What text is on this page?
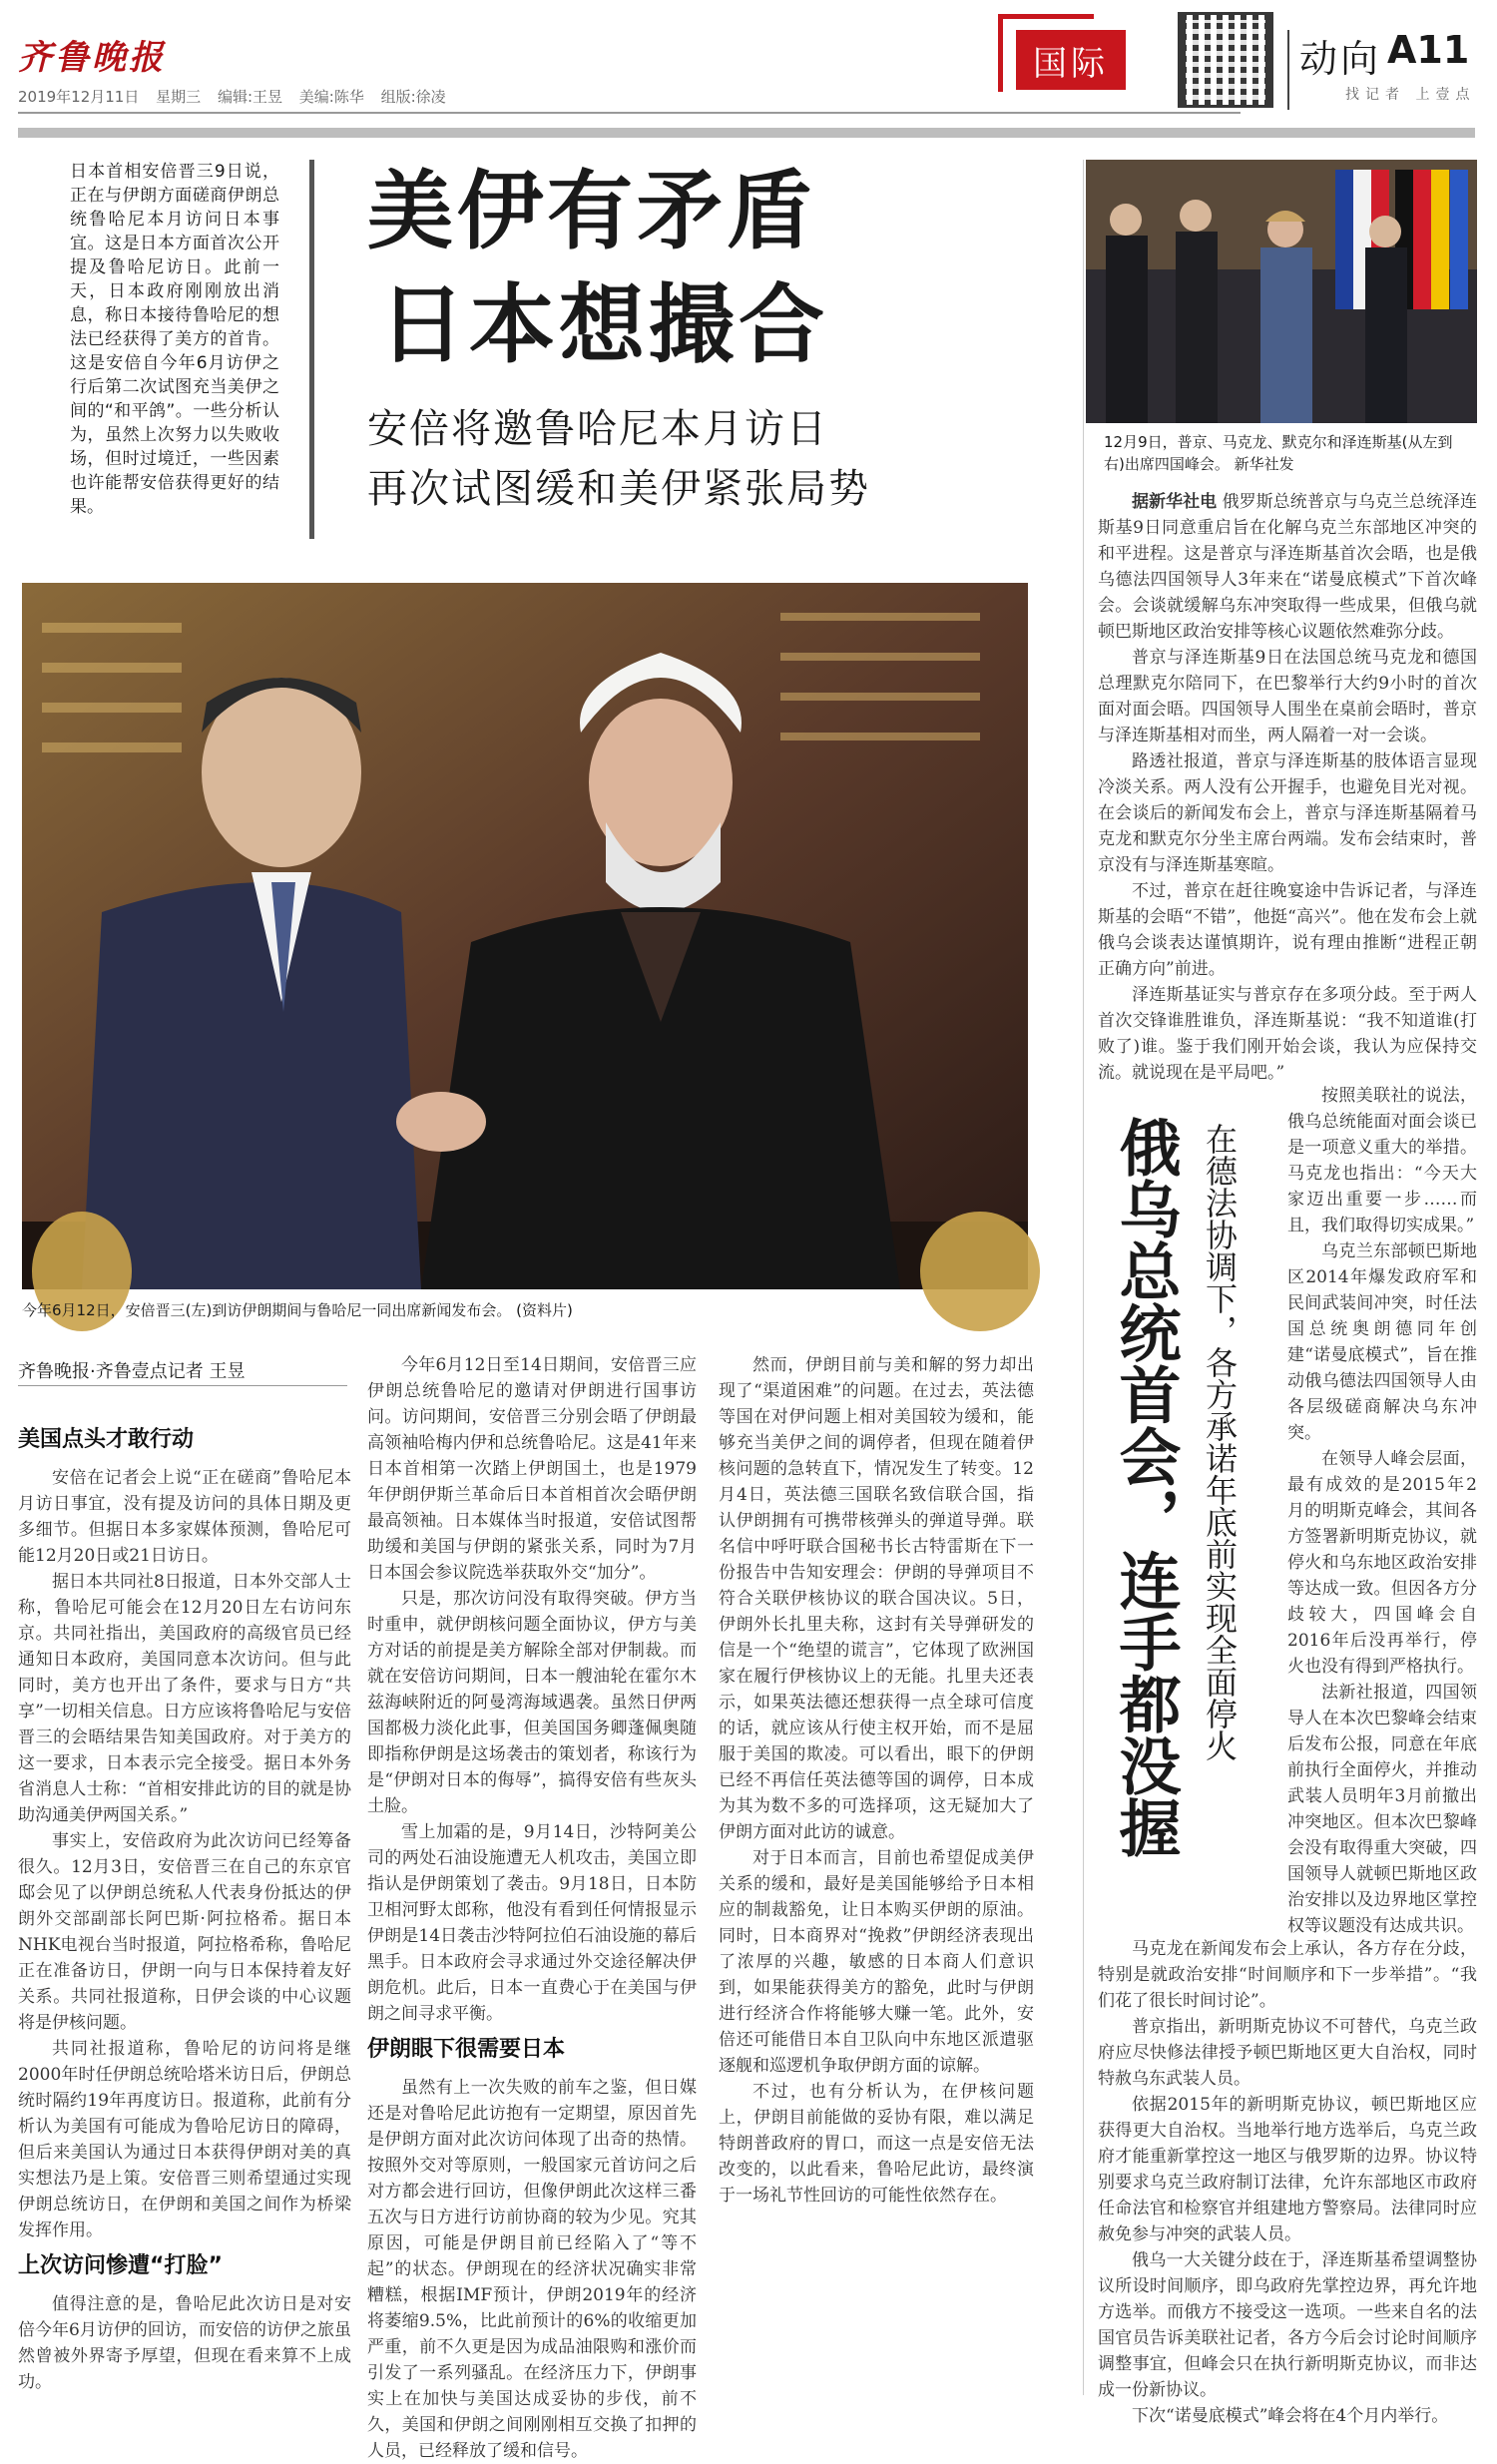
齐鲁晚报
2019年12月11日 星期三 编辑:王昱 美编:陈华 组版:徐凌
国际	动向 A11
找记者 上壹点
日本首相安倍晋三9日说，正在与伊朗方面磋商伊朗总统鲁哈尼本月访问日本事宜。这是日本方面首次公开提及鲁哈尼访日。此前一天，日本政府刚刚放出消息，称日本接待鲁哈尼的想法已经获得了美方的首肯。这是安倍自今年6月访伊之行后第二次试图充当美伊之间的“和平鸽”。一些分析认为，虽然上次努力以失败收场，但时过境迁，一些因素也许能帮安倍获得更好的结果。
美伊有矛盾
日本想撮合
安倍将邀鲁哈尼本月访日
再次试图缓和美伊紧张局势
今年6月12日，安倍晋三(左)到访伊朗期间与鲁哈尼一同出席新闻发布会。 (资料片)
齐鲁晚报·齐鲁壹点记者 王昱

美国点头才敢行动

安倍在记者会上说“正在磋商”鲁哈尼本月访日事宜，没有提及访问的具体日期及更多细节。但据日本多家媒体预测，鲁哈尼可能12月20日或21日访日。

据日本共同社8日报道，日本外交部人士称，鲁哈尼可能会在12月20日左右访问东京。共同社指出，美国政府的高级官员已经通知日本政府，美国同意本次访问。但与此同时，美方也开出了条件，要求与日方“共享”一切相关信息。日方应该将鲁哈尼与安倍晋三的会晤结果告知美国政府。对于美方的这一要求，日本表示完全接受。据日本外务省消息人士称：“首相安排此访的目的就是协助沟通美伊两国关系。”

事实上，安倍政府为此次访问已经筹备很久。12月3日，安倍晋三在自己的东京官邸会见了以伊朗总统私人代表身份抵达的伊朗外交部副部长阿巴斯·阿拉格希。据日本NHK电视台当时报道，阿拉格希称，鲁哈尼正在准备访日，伊朗一向与日本保持着友好关系。共同社报道称，日伊会谈的中心议题将是伊核问题。

共同社报道称，鲁哈尼的访问将是继2000年时任伊朗总统哈塔米访日后，伊朗总统时隔约19年再度访日。报道称，此前有分析认为美国有可能成为鲁哈尼访日的障碍，但后来美国认为通过日本获得伊朗对美的真实想法乃是上策。安倍晋三则希望通过实现伊朗总统访日，在伊朗和美国之间作为桥梁发挥作用。

上次访问惨遭“打脸”

值得注意的是，鲁哈尼此次访日是对安倍今年6月访伊的回访，而安倍的访伊之旅虽然曾被外界寄予厚望，但现在看来算不上成功。

今年6月12日至14日期间，安倍晋三应伊朗总统鲁哈尼的邀请对伊朗进行国事访问。访问期间，安倍晋三分别会晤了伊朗最高领袖哈梅内伊和总统鲁哈尼。这是41年来日本首相第一次踏上伊朗国土，也是1979年伊朗伊斯兰革命后日本首相首次会晤伊朗最高领袖。日本媒体当时报道，安倍试图帮助缓和美国与伊朗的紧张关系，同时为7月日本国会参议院选举获取外交“加分”。

只是，那次访问没有取得突破。伊方当时重申，就伊朗核问题全面协议，伊方与美方对话的前提是美方解除全部对伊制裁。而就在安倍访问期间，日本一艘油轮在霍尔木兹海峡附近的阿曼湾海域遇袭。虽然日伊两国都极力淡化此事，但美国国务卿蓬佩奥随即指称伊朗是这场袭击的策划者，称该行为是“伊朗对日本的侮辱”，搞得安倍有些灰头土脸。

雪上加霜的是，9月14日，沙特阿美公司的两处石油设施遭无人机攻击，美国立即指认是伊朗策划了袭击。9月18日，日本防卫相河野太郎称，他没有看到任何情报显示伊朗是14日袭击沙特阿拉伯石油设施的幕后黑手。日本政府会寻求通过外交途径解决伊朗危机。此后，日本一直费心于在美国与伊朗之间寻求平衡。

伊朗眼下很需要日本

虽然有上一次失败的前车之鉴，但日媒还是对鲁哈尼此访抱有一定期望，原因首先是伊朗方面对此次访问体现了出奇的热情。按照外交对等原则，一般国家元首访问之后对方都会进行回访，但像伊朗此次这样三番五次与日方进行访前协商的较为少见。究其原因，可能是伊朗目前已经陷入了“等不起”的状态。伊朗现在的经济状况确实非常糟糕，根据IMF预计，伊朗2019年的经济将萎缩9.5%，比此前预计的6%的收缩更加严重，前不久更是因为成品油限购和涨价而引发了一系列骚乱。在经济压力下，伊朗事实上在加快与美国达成妥协的步伐，前不久，美国和伊朗之间刚刚相互交换了扣押的人员，已经释放了缓和信号。

然而，伊朗目前与美和解的努力却出现了“渠道困难”的问题。在过去，英法德等国在对伊问题上相对美国较为缓和，能够充当美伊之间的调停者，但现在随着伊核问题的急转直下，情况发生了转变。12月4日，英法德三国联名致信联合国，指认伊朗拥有可携带核弹头的弹道导弹。联名信中呼吁联合国秘书长古特雷斯在下一份报告中告知安理会：伊朗的导弹项目不符合关联伊核协议的联合国决议。5日，伊朗外长扎里夫称，这封有关导弹研发的信是一个“绝望的谎言”，它体现了欧洲国家在履行伊核协议上的无能。扎里夫还表示，如果英法德还想获得一点全球可信度的话，就应该从行使主权开始，而不是屈服于美国的欺凌。可以看出，眼下的伊朗已经不再信任英法德等国的调停，日本成为其为数不多的可选择项，这无疑加大了伊朗方面对此访的诚意。

对于日本而言，目前也希望促成美伊关系的缓和，最好是美国能够给予日本相应的制裁豁免，让日本购买伊朗的原油。同时，日本商界对“挽救”伊朗经济表现出了浓厚的兴趣，敏感的日本商人们意识到，如果能获得美方的豁免，此时与伊朗进行经济合作将能够大赚一笔。此外，安倍还可能借日本自卫队向中东地区派遣驱逐舰和巡逻机争取伊朗方面的谅解。

不过，也有分析认为，在伊核问题上，伊朗目前能做的妥协有限，难以满足特朗普政府的胃口，而这一点是安倍无法改变的，以此看来，鲁哈尼此访，最终演于一场礼节性回访的可能性依然存在。

12月9日，普京、马克龙、默克尔和泽连斯基(从左到右)出席四国峰会。 新华社发

据新华社电 俄罗斯总统普京与乌克兰总统泽连斯基9日同意重启旨在化解乌克兰东部地区冲突的和平进程。这是普京与泽连斯基首次会晤，也是俄乌德法四国领导人3年来在“诺曼底模式”下首次峰会。会谈就缓解乌东冲突取得一些成果，但俄乌就顿巴斯地区政治安排等核心议题依然难弥分歧。

普京与泽连斯基9日在法国总统马克龙和德国总理默克尔陪同下，在巴黎举行大约9小时的首次面对面会晤。四国领导人围坐在桌前会晤时，普京与泽连斯基相对而坐，两人隔着一对一会谈。

路透社报道，普京与泽连斯基的肢体语言显现冷淡关系。两人没有公开握手，也避免目光对视。在会谈后的新闻发布会上，普京与泽连斯基隔着马克龙和默克尔分坐主席台两端。发布会结束时，普京没有与泽连斯基寒暄。

不过，普京在赶往晚宴途中告诉记者，与泽连斯基的会晤“不错”，他挺“高兴”。他在发布会上就俄乌会谈表达谨慎期许，说有理由推断“进程正朝正确方向”前进。

泽连斯基证实与普京存在多项分歧。至于两人首次交锋谁胜谁负，泽连斯基说：“我不知道谁(打败了)谁。鉴于我们刚开始会谈，我认为应保持交流。就说现在是平局吧。”

俄乌总统首会，连手都没握 在德法协调下，各方承诺年底前实现全面停火

按照美联社的说法，俄乌总统能面对面会谈已是一项意义重大的举措。马克龙也指出：“今天大家迈出重要一步……而且，我们取得切实成果。”

乌克兰东部顿巴斯地区2014年爆发政府军和民间武装间冲突，时任法国总统奥朗德同年创建“诺曼底模式”，旨在推动俄乌德法四国领导人由各层级磋商解决乌东冲突。

在领导人峰会层面，最有成效的是2015年2月的明斯克峰会，其间各方签署新明斯克协议，就停火和乌东地区政治安排等达成一致。但因各方分歧较大，四国峰会自2016年后没再举行，停火也没有得到严格执行。

法新社报道，四国领导人在本次巴黎峰会结束后发布公报，同意在年底前执行全面停火，并推动武装人员明年3月前撤出冲突地区。但本次巴黎峰会没有取得重大突破，四国领导人就顿巴斯地区政治安排以及边界地区掌控权等议题没有达成共识。

马克龙在新闻发布会上承认，各方存在分歧，特别是就政治安排“时间顺序和下一步举措”。“我们花了很长时间讨论”。

普京指出，新明斯克协议不可替代，乌克兰政府应尽快修法律授予顿巴斯地区更大自治权，同时特赦乌东武装人员。

依据2015年的新明斯克协议，顿巴斯地区应获得更大自治权。当地举行地方选举后，乌克兰政府才能重新掌控这一地区与俄罗斯的边界。协议特别要求乌克兰政府制订法律，允许东部地区市政府任命法官和检察官并组建地方警察局。法律同时应赦免参与冲突的武装人员。

俄乌一大关键分歧在于，泽连斯基希望调整协议所设时间顺序，即乌政府先掌控边界，再允许地方选举。而俄方不接受这一选项。一些来自名的法国官员告诉美联社记者，各方今后会讨论时间顺序调整事宜，但峰会只在执行新明斯克协议，而非达成一份新协议。

下次“诺曼底模式”峰会将在4个月内举行。
